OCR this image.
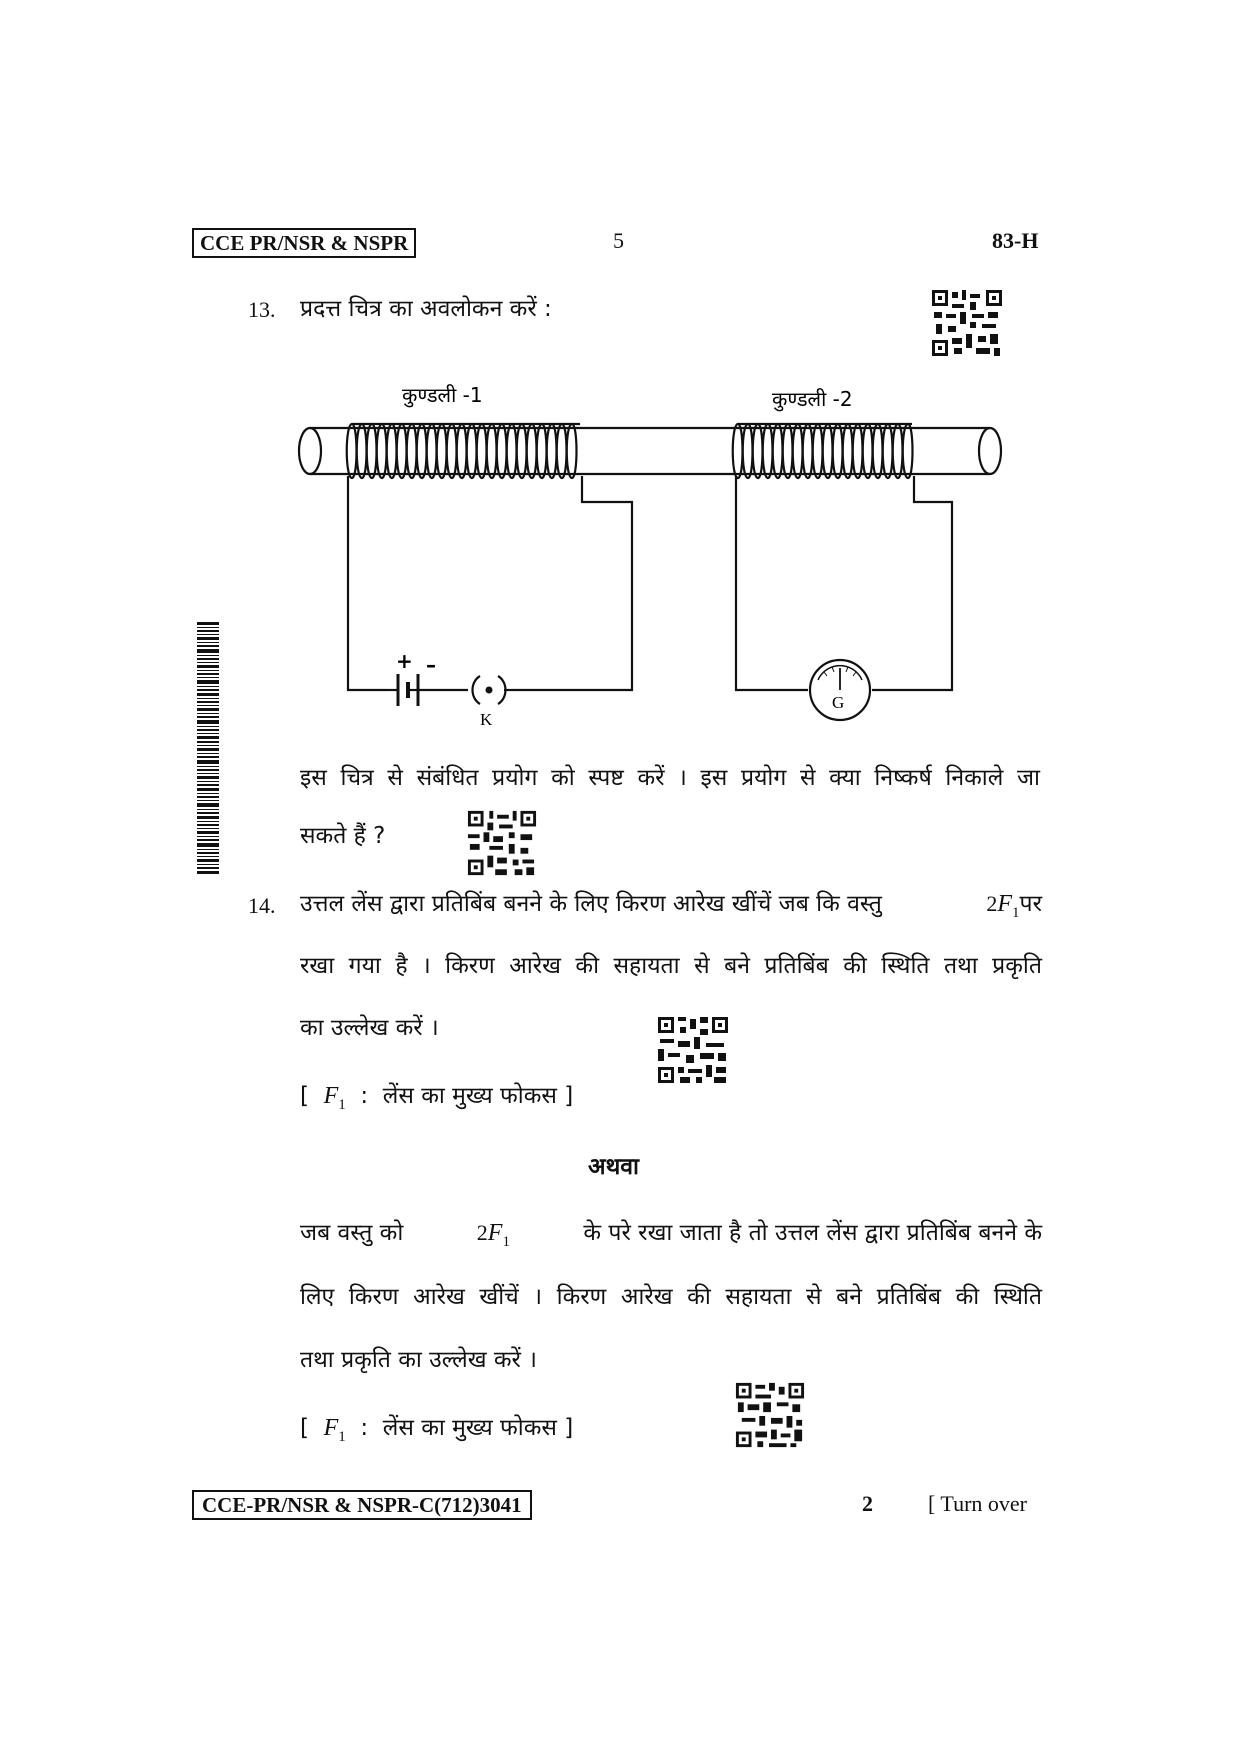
CCE PR/NSR & NSPR	5	83-H
13. प्रदत्त चित्र का अवलोकन करें :
+ –
K
G
कुण्डली -1	कुण्डली -2
इस चित्र से संबंधित प्रयोग को स्पष्ट करें । इस प्रयोग से क्या निष्कर्ष निकाले जा
सकते हैं ?
14. उत्तल लेंस द्वारा प्रतिबिंब बनने के लिए किरण आरेख खींचें जब कि वस्तु	$2F_1पर$
रखा गया है । किरण आरेख की सहायता से बने प्रतिबिंब की स्थिति तथा प्रकृति
का उल्लेख करें ।
[ $F_1$ : लेंस का मुख्य फोकस ]
अथवा
जब वस्तु को	$2F_1$	के परे रखा जाता है तो उत्तल लेंस द्वारा प्रतिबिंब बनने के
लिए किरण आरेख खींचें । किरण आरेख की सहायता से बने प्रतिबिंब की स्थिति
तथा प्रकृति का उल्लेख करें ।
[ $F_1$ : लेंस का मुख्य फोकस ]
CCE-PR/NSR & NSPR-C(712)3041	2	[ Turn over
